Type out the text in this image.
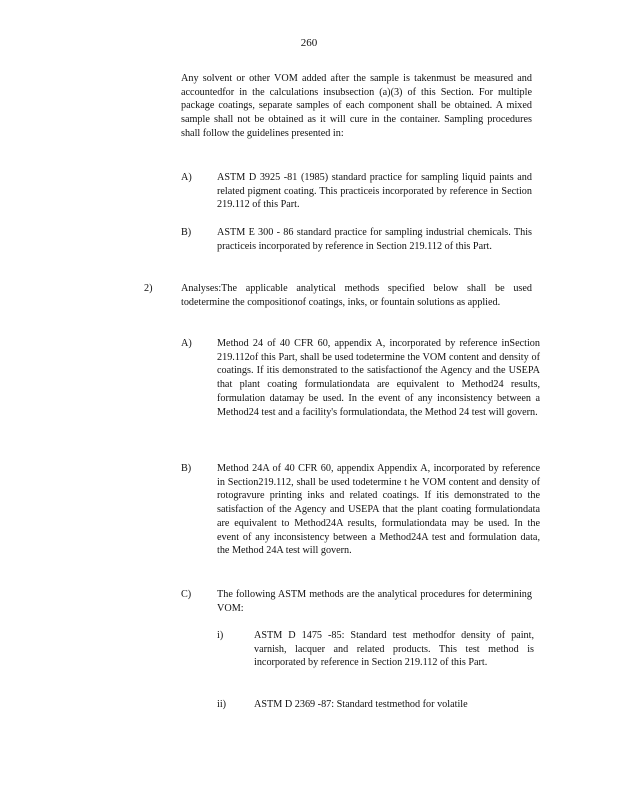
260

Any solvent or other VOM added after the sample is takenmust be measured and accountedfor in the calculations insubsection (a)(3) of this Section. For multiple package coatings, separate samples of each component shall be obtained. A mixed sample shall not be obtained as it will cure in the container. Sampling procedures shall follow the guidelines presented in:

A) ASTM D 3925 -81 (1985) standard practice for sampling liquid paints and related pigment coating. This practiceis incorporated by reference in Section 219.112 of this Part.

B)	ASTM E 300 - 86 standard practice for sampling industrial chemicals. This practiceis incorporated by reference in Section 219.112 of this Part.

2)	Analyses:The applicable analytical methods specified below shall be used todetermine the compositionof coatings, inks, or fountain solutions as applied.

A) Method 24 of 40 CFR 60, appendix A, incorporated by reference inSection 219.112of this Part, shall be used todetermine the VOM content and density of coatings. If itis demonstrated to the satisfactionof the Agency and the USEPA that plant coating formulationdata are equivalent to Method24 results, formulation datamay be used. In the event of any inconsistency between a Method24 test and a facility's formulationdata, the Method 24 test will govern.

B)	Method 24A of 40 CFR 60, appendix Appendix A, incorporated by reference in Section219.112, shall be used todetermine t he VOM content and density of rotogravure printing inks and related coatings. If itis demonstrated to the satisfaction of the Agency and USEPA that the plant coating formulationdata are equivalent to Method24A results, formulationdata may be used. In the event of any inconsistency between a Method24A test and formulation data, the Method 24A test will govern.

C)	The following ASTM methods are the analytical procedures for determining VOM:

i)	ASTM D 1475 -85: Standard test methodfor density of paint, varnish, lacquer and related products. This test method is incorporated by reference in Section 219.112 of this Part.

ii)	ASTM D 2369 -87: Standard testmethod for volatile
